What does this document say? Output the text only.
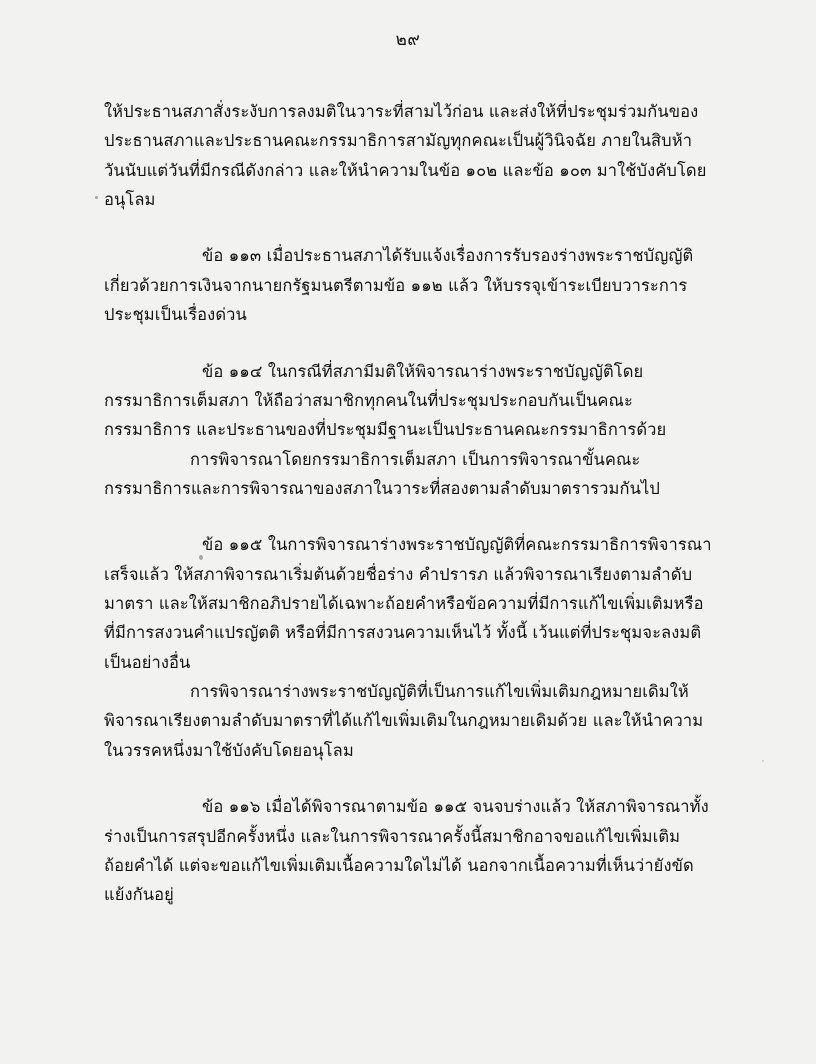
๒๙

ให้ประธานสภาสั่งระงับการลงมติในวาระที่สามไว้ก่อน และส่งให้ที่ประชุมร่วมกันของประธานสภาและประธานคณะกรรมาธิการสามัญทุกคณะเป็นผู้วินิจฉัย ภายในสิบห้าวันนับแต่วันที่มีกรณีดังกล่าว และให้นำความในข้อ ๑๐๒ และข้อ ๑๐๓ มาใช้บังคับโดยอนุโลม

ข้อ ๑๑๓ เมื่อประธานสภาได้รับแจ้งเรื่องการรับรองร่างพระราชบัญญัติเกี่ยวด้วยการเงินจากนายกรัฐมนตรีตามข้อ ๑๑๒ แล้ว ให้บรรจุเข้าระเบียบวาระการประชุมเป็นเรื่องด่วน

ข้อ ๑๑๔ ในกรณีที่สภามีมติให้พิจารณาร่างพระราชบัญญัติโดยกรรมาธิการเต็มสภา ให้ถือว่าสมาชิกทุกคนในที่ประชุมประกอบกันเป็นคณะกรรมาธิการ และประธานของที่ประชุมมีฐานะเป็นประธานคณะกรรมาธิการด้วย

การพิจารณาโดยกรรมาธิการเต็มสภา เป็นการพิจารณาขั้นคณะกรรมาธิการและการพิจารณาของสภาในวาระที่สองตามลำดับมาตรารวมกันไป

ข้อ ๑๑๕ ในการพิจารณาร่างพระราชบัญญัติที่คณะกรรมาธิการพิจารณาเสร็จแล้ว ให้สภาพิจารณาเริ่มต้นด้วยชื่อร่าง คำปรารภ แล้วพิจารณาเรียงตามลำดับมาตรา และให้สมาชิกอภิปรายได้เฉพาะถ้อยคำหรือข้อความที่มีการแก้ไขเพิ่มเติมหรือที่มีการสงวนคำแปรญัตติ หรือที่มีการสงวนความเห็นไว้ ทั้งนี้ เว้นแต่ที่ประชุมจะลงมติเป็นอย่างอื่น

การพิจารณาร่างพระราชบัญญัติที่เป็นการแก้ไขเพิ่มเติมกฎหมายเดิมให้พิจารณาเรียงตามลำดับมาตราที่ได้แก้ไขเพิ่มเติมในกฎหมายเดิมด้วย และให้นำความในวรรคหนึ่งมาใช้บังคับโดยอนุโลม

ข้อ ๑๑๖ เมื่อได้พิจารณาตามข้อ ๑๑๕ จนจบร่างแล้ว ให้สภาพิจารณาทั้งร่างเป็นการสรุปอีกครั้งหนึ่ง และในการพิจารณาครั้งนี้สมาชิกอาจขอแก้ไขเพิ่มเติมถ้อยคำได้ แต่จะขอแก้ไขเพิ่มเติมเนื้อความใดไม่ได้ นอกจากเนื้อความที่เห็นว่ายังขัดแย้งกันอยู่
